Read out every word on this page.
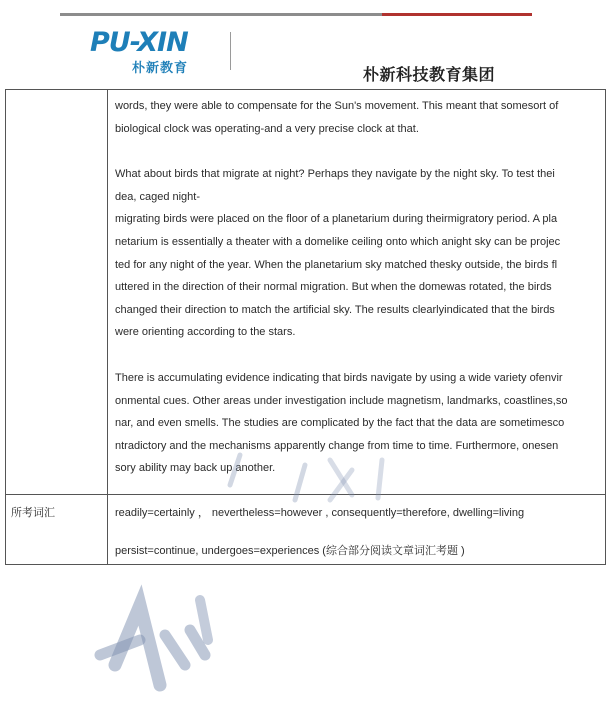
PU-XIN
朴新教育	朴新科技教育集团
words, they were able to compensate for the Sun's movement. This meant that somesort of
biological clock was operating-and a very precise clock at that.
What about birds that migrate at night? Perhaps they navigate by the night sky. To test thei
dea, caged night-
migrating birds were placed on the floor of a planetarium during theirmigratory period. A pla
netarium is essentially a theater with a domelike ceiling onto which anight sky can be projec
ted for any night of the year. When the planetarium sky matched thesky outside, the birds fl
uttered in the direction of their normal migration. But when the domewas rotated, the birds
changed their direction to match the artificial sky. The results clearlyindicated that the birds
were orienting according to the stars.
There is accumulating evidence indicating that birds navigate by using a wide variety ofenvir
onmental cues. Other areas under investigation include magnetism, landmarks, coastlines,so
nar, and even smells. The studies are complicated by the fact that the data are sometimesco
ntradictory and the mechanisms apparently change from time to time. Furthermore, onesen
sory ability may back up another.
所考词汇	readily=certainly ， nevertheless=however , consequently=therefore, dwelling=living
persist=continue, undergoes=experiences (综合部分阅读文章词汇考题 )
